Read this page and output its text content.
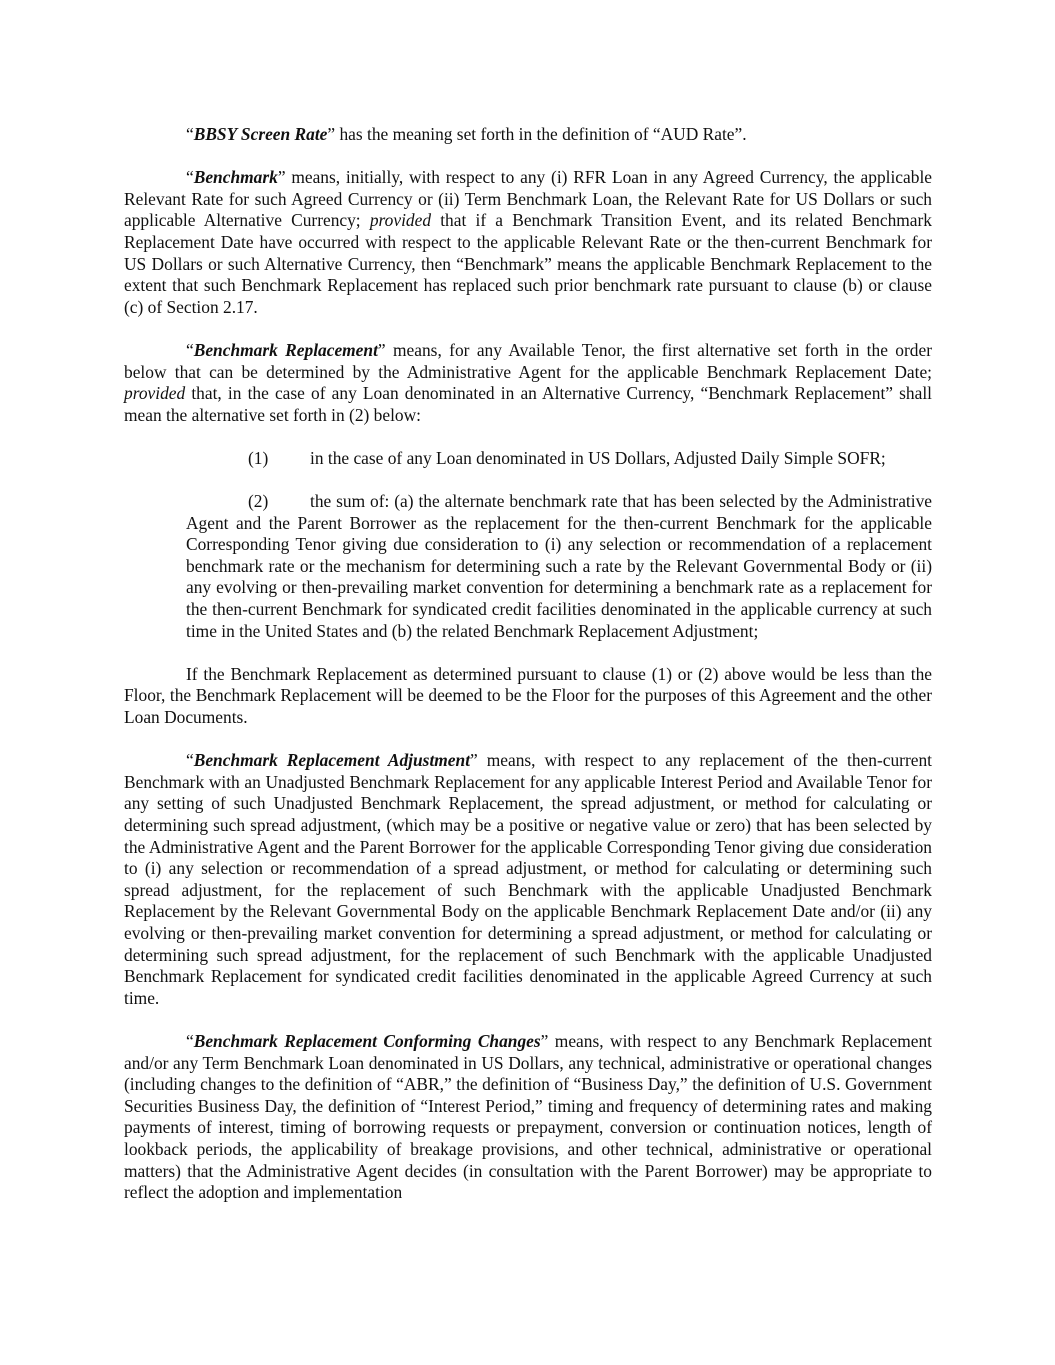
“BBSY Screen Rate” has the meaning set forth in the definition of “AUD Rate”.

“Benchmark” means, initially, with respect to any (i) RFR Loan in any Agreed Currency, the applicable Relevant Rate for such Agreed Currency or (ii) Term Benchmark Loan, the Relevant Rate for US Dollars or such applicable Alternative Currency; provided that if a Benchmark Transition Event, and its related Benchmark Replacement Date have occurred with respect to the applicable Relevant Rate or the then-current Benchmark for US Dollars or such Alternative Currency, then “Benchmark” means the applicable Benchmark Replacement to the extent that such Benchmark Replacement has replaced such prior benchmark rate pursuant to clause (b) or clause (c) of Section 2.17.

“Benchmark Replacement” means, for any Available Tenor, the first alternative set forth in the order below that can be determined by the Administrative Agent for the applicable Benchmark Replacement Date; provided that, in the case of any Loan denominated in an Alternative Currency, “Benchmark Replacement” shall mean the alternative set forth in (2) below:

(1) in the case of any Loan denominated in US Dollars, Adjusted Daily Simple SOFR;

(2) the sum of: (a) the alternate benchmark rate that has been selected by the Administrative Agent and the Parent Borrower as the replacement for the then-current Benchmark for the applicable Corresponding Tenor giving due consideration to (i) any selection or recommendation of a replacement benchmark rate or the mechanism for determining such a rate by the Relevant Governmental Body or (ii) any evolving or then-prevailing market convention for determining a benchmark rate as a replacement for the then-current Benchmark for syndicated credit facilities denominated in the applicable currency at such time in the United States and (b) the related Benchmark Replacement Adjustment;

If the Benchmark Replacement as determined pursuant to clause (1) or (2) above would be less than the Floor, the Benchmark Replacement will be deemed to be the Floor for the purposes of this Agreement and the other Loan Documents.

“Benchmark Replacement Adjustment” means, with respect to any replacement of the then-current Benchmark with an Unadjusted Benchmark Replacement for any applicable Interest Period and Available Tenor for any setting of such Unadjusted Benchmark Replacement, the spread adjustment, or method for calculating or determining such spread adjustment, (which may be a positive or negative value or zero) that has been selected by the Administrative Agent and the Parent Borrower for the applicable Corresponding Tenor giving due consideration to (i) any selection or recommendation of a spread adjustment, or method for calculating or determining such spread adjustment, for the replacement of such Benchmark with the applicable Unadjusted Benchmark Replacement by the Relevant Governmental Body on the applicable Benchmark Replacement Date and/or (ii) any evolving or then-prevailing market convention for determining a spread adjustment, or method for calculating or determining such spread adjustment, for the replacement of such Benchmark with the applicable Unadjusted Benchmark Replacement for syndicated credit facilities denominated in the applicable Agreed Currency at such time.

“Benchmark Replacement Conforming Changes” means, with respect to any Benchmark Replacement and/or any Term Benchmark Loan denominated in US Dollars, any technical, administrative or operational changes (including changes to the definition of “ABR,” the definition of “Business Day,” the definition of U.S. Government Securities Business Day, the definition of “Interest Period,” timing and frequency of determining rates and making payments of interest, timing of borrowing requests or prepayment, conversion or continuation notices, length of lookback periods, the applicability of breakage provisions, and other technical, administrative or operational matters) that the Administrative Agent decides (in consultation with the Parent Borrower) may be appropriate to reflect the adoption and implementation
